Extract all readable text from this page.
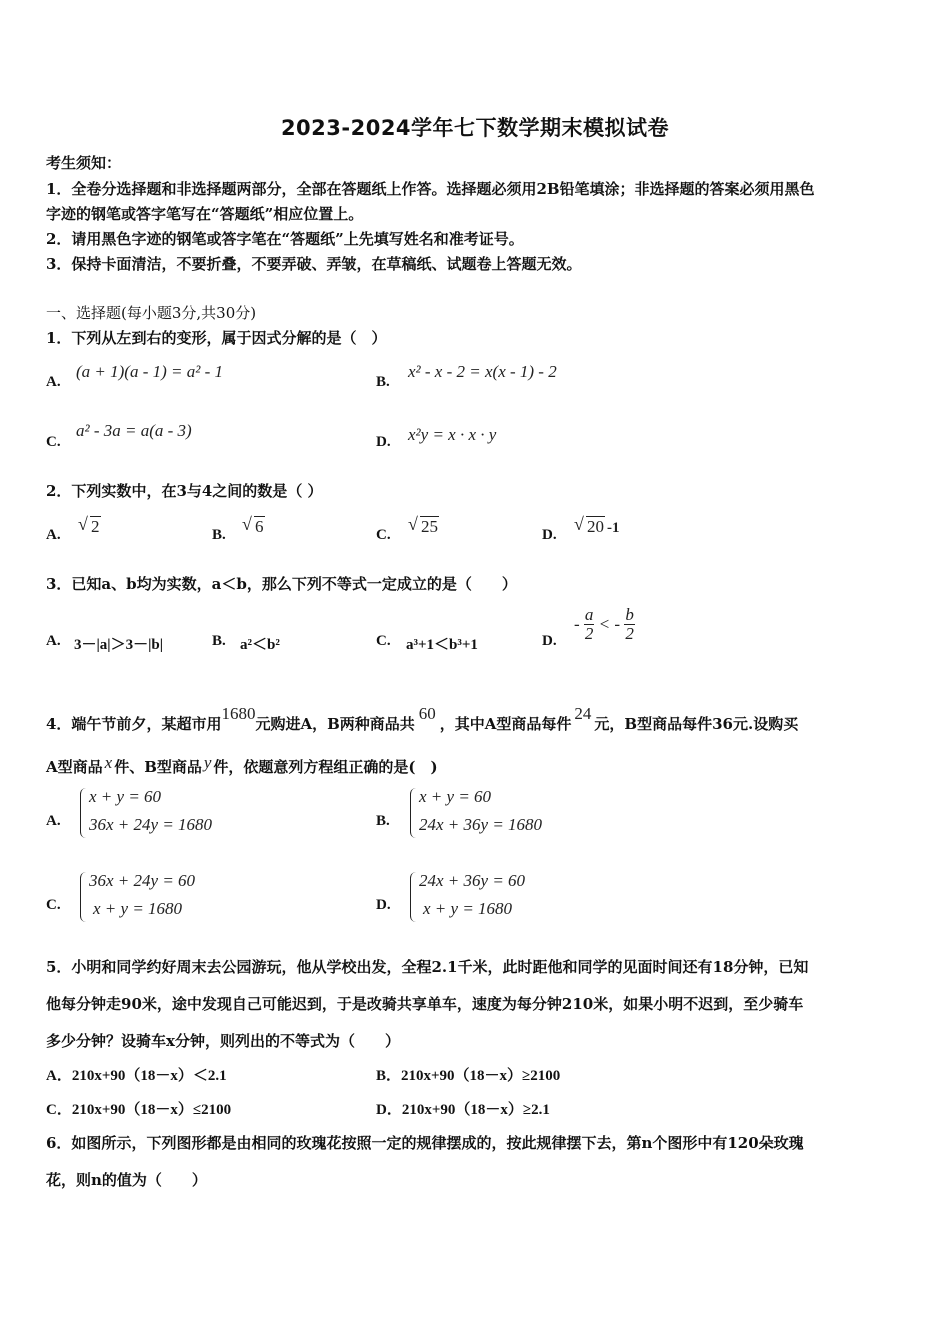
2023-2024学年七下数学期末模拟试卷
考生须知：
1．全卷分选择题和非选择题两部分，全部在答题纸上作答。选择题必须用2B铅笔填涂；非选择题的答案必须用黑色
字迹的钢笔或答字笔写在“答题纸”相应位置上。
2．请用黑色字迹的钢笔或答字笔在“答题纸”上先填写姓名和准考证号。
3．保持卡面清洁，不要折叠，不要弄破、弄皱，在草稿纸、试题卷上答题无效。
一、选择题(每小题3分,共30分)
1．下列从左到右的变形，属于因式分解的是（　）
A.
(a + 1)(a - 1) = a² - 1
B.
x² - x - 2 = x(x - 1) - 2
C.
a² - 3a = a(a - 3)
D. x²y = x · x · y
2．下列实数中，在3与4之间的数是（ ）
A.
√ 2	B.
√ 6	C.
√ 25	D.
√ 20 -1
3．已知a、b均为实数，a＜b，那么下列不等式一定成立的是（　　）
A. 3－|a|＞3－|b|	B. a²＜b²	C. a³+1＜b³+1	D.
- $\frac{a}{2}$ < - $\frac{b}{2}$
4．端午节前夕，某超市用1680元购进A，B两种商品共60，其中A型商品每件24元，B型商品每件36元.设购买
A型商品 x 件、B型商品 y 件，依题意列方程组正确的是(　)
A.
x + y = 60
36x + 24y = 1680	B.
x + y = 60
24x + 36y = 1680
C.
36x + 24y = 60
x + y = 1680	D.
24x + 36y = 60
x + y = 1680
5．小明和同学约好周末去公园游玩，他从学校出发，全程2.1千米，此时距他和同学的见面时间还有18分钟，已知
他每分钟走90米，途中发现自己可能迟到，于是改骑共享单车，速度为每分钟210米，如果小明不迟到，至少骑车
多少分钟？设骑车x分钟，则列出的不等式为（　　）
A．210x+90（18－x）＜2.1	B．210x+90（18－x）≥2100
C．210x+90（18－x）≤2100	D．210x+90（18－x）≥2.1
6．如图所示，下列图形都是由相同的玫瑰花按照一定的规律摆成的，按此规律摆下去，第n个图形中有120朵玫瑰
花，则n的值为（　　）
